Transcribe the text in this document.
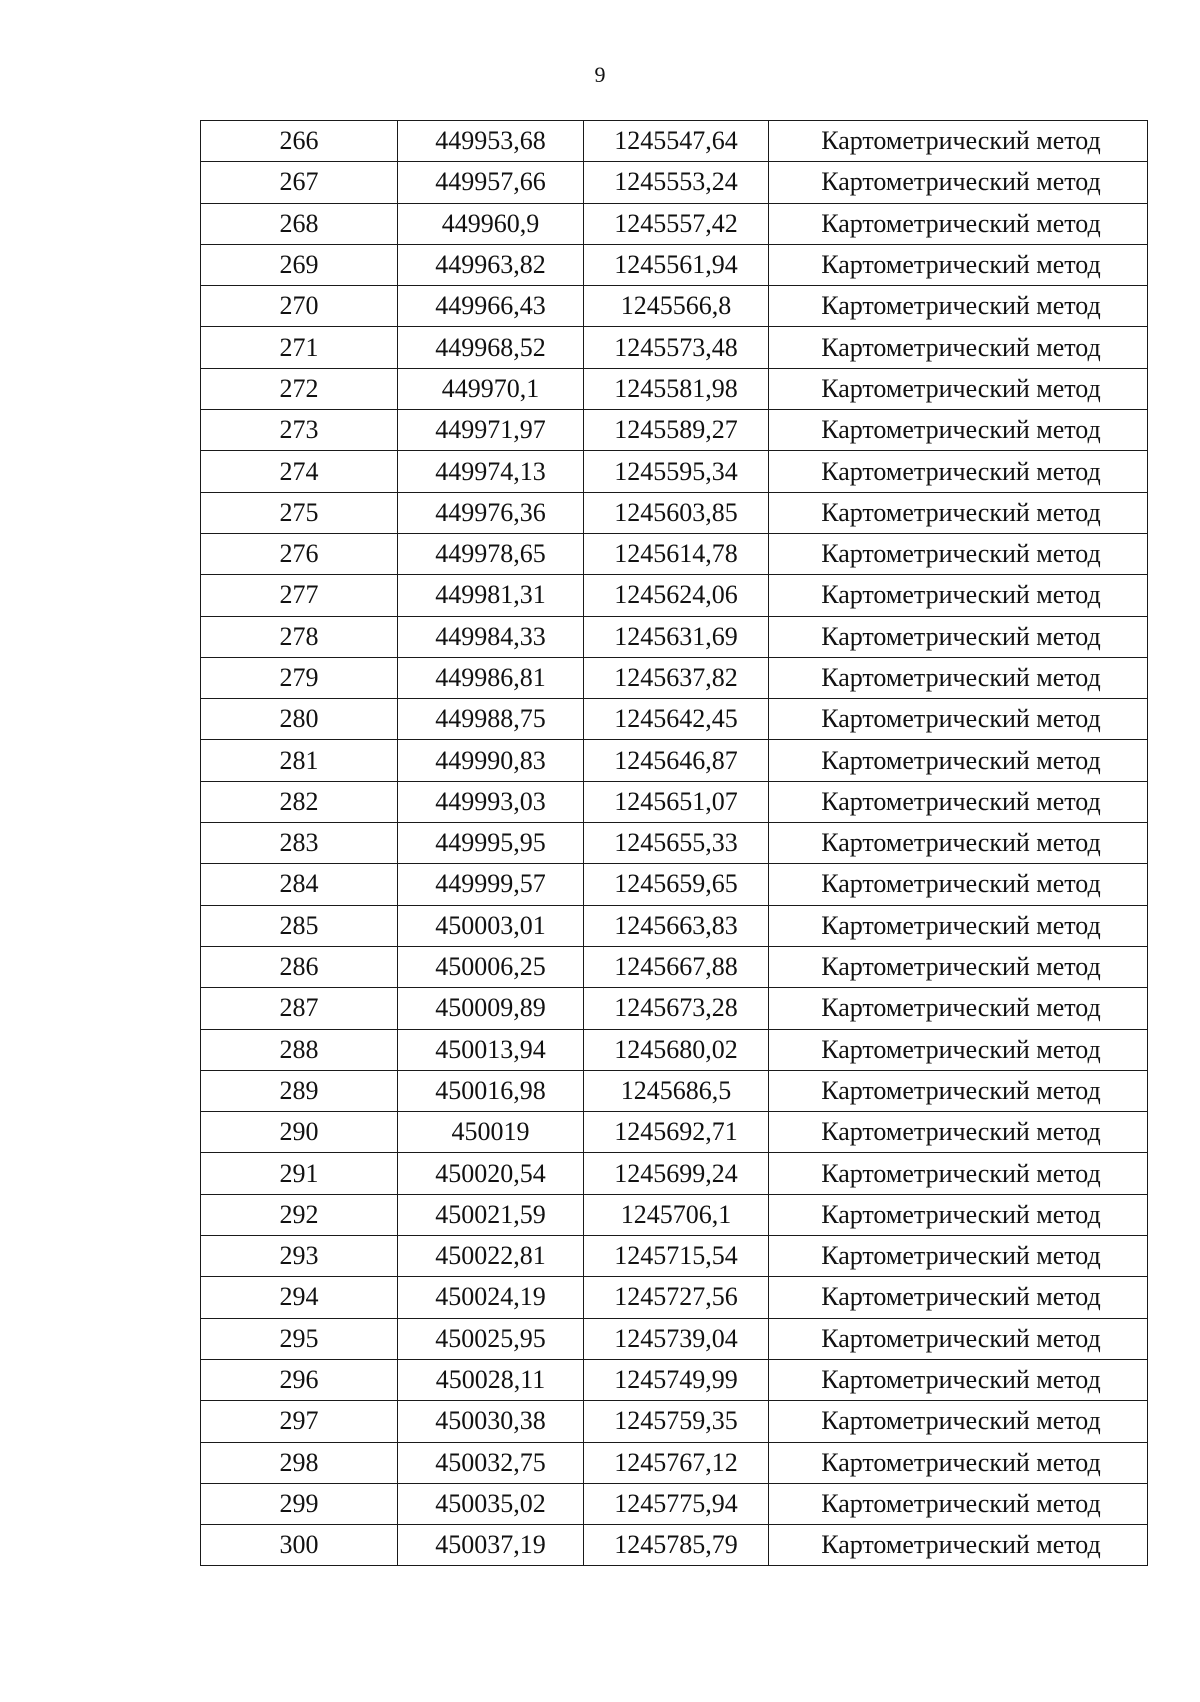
9
266	449953,68	1245547,64	Картометрический метод
267	449957,66	1245553,24	Картометрический метод
268	449960,9	1245557,42	Картометрический метод
269	449963,82	1245561,94	Картометрический метод
270	449966,43	1245566,8	Картометрический метод
271	449968,52	1245573,48	Картометрический метод
272	449970,1	1245581,98	Картометрический метод
273	449971,97	1245589,27	Картометрический метод
274	449974,13	1245595,34	Картометрический метод
275	449976,36	1245603,85	Картометрический метод
276	449978,65	1245614,78	Картометрический метод
277	449981,31	1245624,06	Картометрический метод
278	449984,33	1245631,69	Картометрический метод
279	449986,81	1245637,82	Картометрический метод
280	449988,75	1245642,45	Картометрический метод
281	449990,83	1245646,87	Картометрический метод
282	449993,03	1245651,07	Картометрический метод
283	449995,95	1245655,33	Картометрический метод
284	449999,57	1245659,65	Картометрический метод
285	450003,01	1245663,83	Картометрический метод
286	450006,25	1245667,88	Картометрический метод
287	450009,89	1245673,28	Картометрический метод
288	450013,94	1245680,02	Картометрический метод
289	450016,98	1245686,5	Картометрический метод
290	450019	1245692,71	Картометрический метод
291	450020,54	1245699,24	Картометрический метод
292	450021,59	1245706,1	Картометрический метод
293	450022,81	1245715,54	Картометрический метод
294	450024,19	1245727,56	Картометрический метод
295	450025,95	1245739,04	Картометрический метод
296	450028,11	1245749,99	Картометрический метод
297	450030,38	1245759,35	Картометрический метод
298	450032,75	1245767,12	Картометрический метод
299	450035,02	1245775,94	Картометрический метод
300	450037,19	1245785,79	Картометрический метод
